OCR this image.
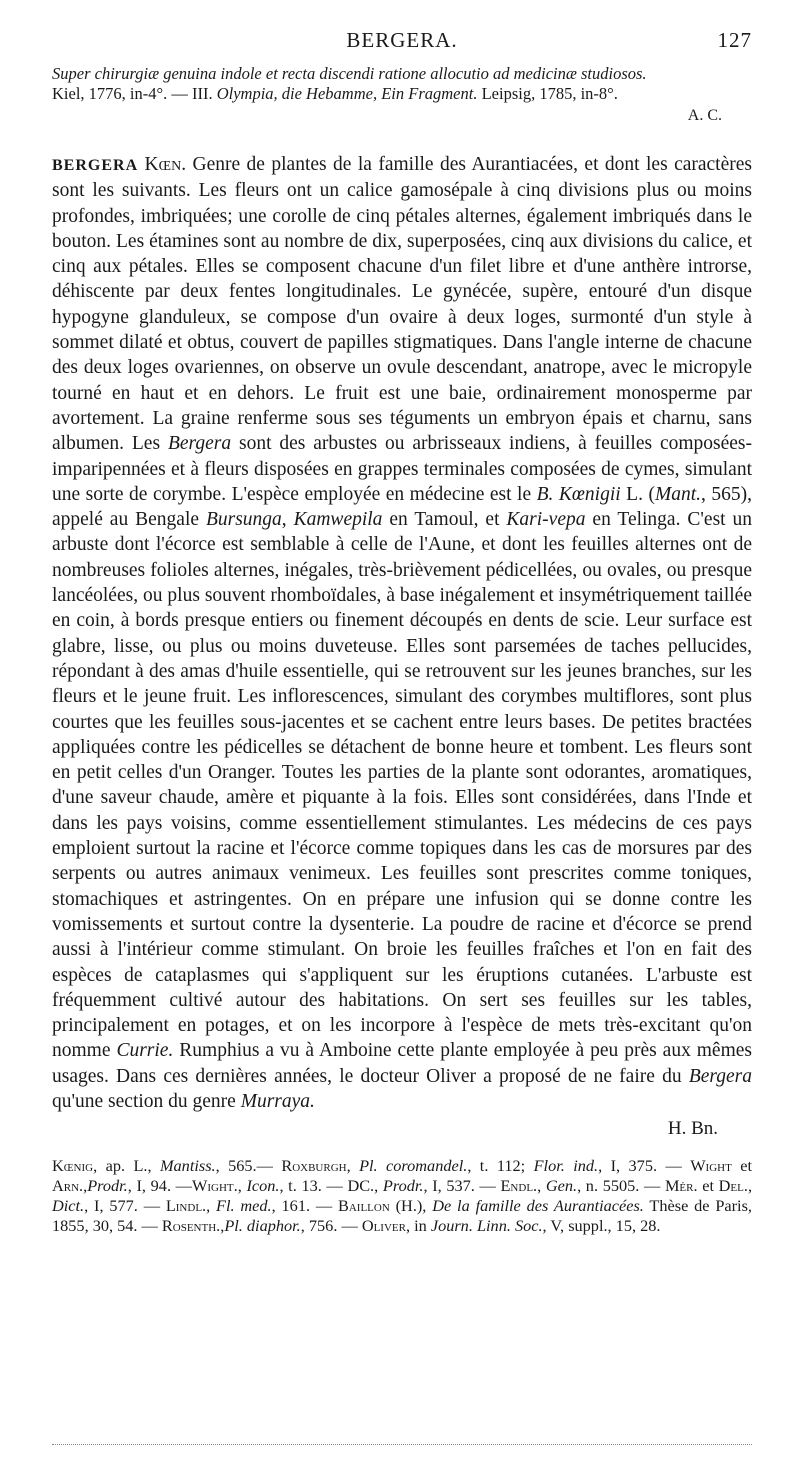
BERGERA.	127
Super chirurgiæ genuina indole et recta discendi ratione allocutio ad medicinæ studiosos.
Kiel, 1776, in-4°. — III. Olympia, die Hebamme, Ein Fragment. Leipsig, 1785, in-8°.
A. C.
BERGERA Kœn. Genre de plantes de la famille des Aurantiacées, et dont les caractères sont les suivants. Les fleurs ont un calice gamosépale à cinq divisions plus ou moins profondes, imbriquées; une corolle de cinq pétales alternes, également imbriqués dans le bouton. Les étamines sont au nombre de dix, superposées, cinq aux divisions du calice, et cinq aux pétales. Elles se composent chacune d'un filet libre et d'une anthère introrse, déhiscente par deux fentes longitudinales. Le gynécée, supère, entouré d'un disque hypogyne glanduleux, se compose d'un ovaire à deux loges, surmonté d'un style à sommet dilaté et obtus, couvert de papilles stigmatiques. Dans l'angle interne de chacune des deux loges ovariennes, on observe un ovule descendant, anatrope, avec le micropyle tourné en haut et en dehors. Le fruit est une baie, ordinairement monosperme par avortement. La graine renferme sous ses téguments un embryon épais et charnu, sans albumen. Les Bergera sont des arbustes ou arbrisseaux indiens, à feuilles composées-imparipennées et à fleurs disposées en grappes terminales composées de cymes, simulant une sorte de corymbe. L'espèce employée en médecine est le B. Kœnigii L. (Mant., 565), appelé au Bengale Bursunga, Kamwepila en Tamoul, et Kari-vepa en Telinga. C'est un arbuste dont l'écorce est semblable à celle de l'Aune, et dont les feuilles alternes ont de nombreuses folioles alternes, inégales, très-brièvement pédicellées, ou ovales, ou presque lancéolées, ou plus souvent rhomboïdales, à base inégalement et insymétriquement taillée en coin, à bords presque entiers ou finement découpés en dents de scie. Leur surface est glabre, lisse, ou plus ou moins duveteuse. Elles sont parsemées de taches pellucides, répondant à des amas d'huile essentielle, qui se retrouvent sur les jeunes branches, sur les fleurs et le jeune fruit. Les inflorescences, simulant des corymbes multiflores, sont plus courtes que les feuilles sous-jacentes et se cachent entre leurs bases. De petites bractées appliquées contre les pédicelles se détachent de bonne heure et tombent. Les fleurs sont en petit celles d'un Oranger. Toutes les parties de la plante sont odorantes, aromatiques, d'une saveur chaude, amère et piquante à la fois. Elles sont considérées, dans l'Inde et dans les pays voisins, comme essentiellement stimulantes. Les médecins de ces pays emploient surtout la racine et l'écorce comme topiques dans les cas de morsures par des serpents ou autres animaux venimeux. Les feuilles sont prescrites comme toniques, stomachiques et astringentes. On en prépare une infusion qui se donne contre les vomissements et surtout contre la dysenterie. La poudre de racine et d'écorce se prend aussi à l'intérieur comme stimulant. On broie les feuilles fraîches et l'on en fait des espèces de cataplasmes qui s'appliquent sur les éruptions cutanées. L'arbuste est fréquemment cultivé autour des habitations. On sert ses feuilles sur les tables, principalement en potages, et on les incorpore à l'espèce de mets très-excitant qu'on nomme Currie. Rumphius a vu à Amboine cette plante employée à peu près aux mêmes usages. Dans ces dernières années, le docteur Oliver a proposé de ne faire du Bergera qu'une section du genre Murraya.
H. Bn.
Kœnig, ap. L., Mantiss., 565.— Roxburgh, Pl. coromandel., t. 112; Flor. ind., I, 375. — Wight et Arn.,Prodr., I, 94. —Wight., Icon., t. 13. — DC., Prodr., I, 537. — Endl., Gen., n. 5505. — Mér. et Del., Dict., I, 577. — Lindl., Fl. med., 161. — Baillon (H.), De la famille des Aurantiacées. Thèse de Paris, 1855, 30, 54. — Rosenth.,Pl. diaphor., 756. — Oliver, in Journ. Linn. Soc., V, suppl., 15, 28.
